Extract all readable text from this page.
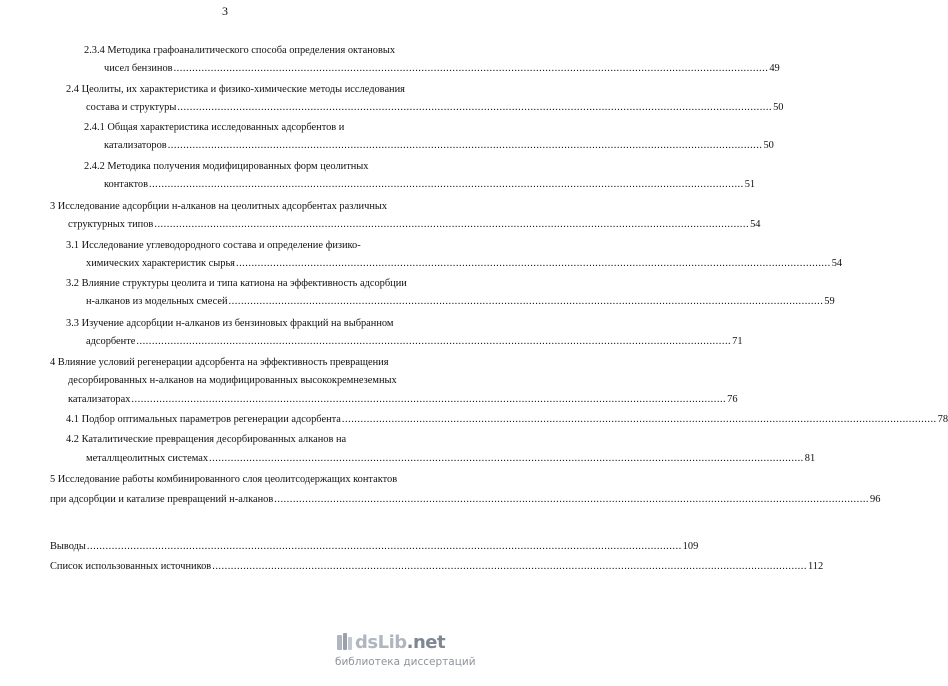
3
2.3.4 Методика графоаналитического способа определения октановых
чисел бензинов .....	49
2.4 Цеолиты, их характеристика и физико-химические методы исследования
состава и структуры .....	50
2.4.1 Общая характеристика исследованных адсорбентов и
катализаторов .....	50
2.4.2 Методика получения модифицированных форм цеолитных
контактов .....	51
3 Исследование адсорбции н-алканов на цеолитных адсорбентах различных
структурных типов .....	54
3.1 Исследование углеводородного состава и определение физико-
химических характеристик сырья .....	54
3.2 Влияние структуры цеолита и типа катиона на эффективность адсорбции
н-алканов из модельных смесей .....	59
3.3 Изучение адсорбции н-алканов из бензиновых фракций на выбранном
адсорбенте .....	71
4 Влияние условий регенерации адсорбента на эффективность превращения
десорбированных н-алканов на модифицированных высококремнеземных
катализаторах .....	76
4.1 Подбор оптимальных параметров регенерации адсорбента .....	78
4.2 Каталитические превращения десорбированных алканов на
металлцеолитных системах .....	81
5 Исследование работы комбинированного слоя цеолитсодержащих контактов
при адсорбции и катализе превращений н-алканов .....	96
Выводы .....	109
Список использованных источников .....	112
dsLib.net
библиотека диссертаций
